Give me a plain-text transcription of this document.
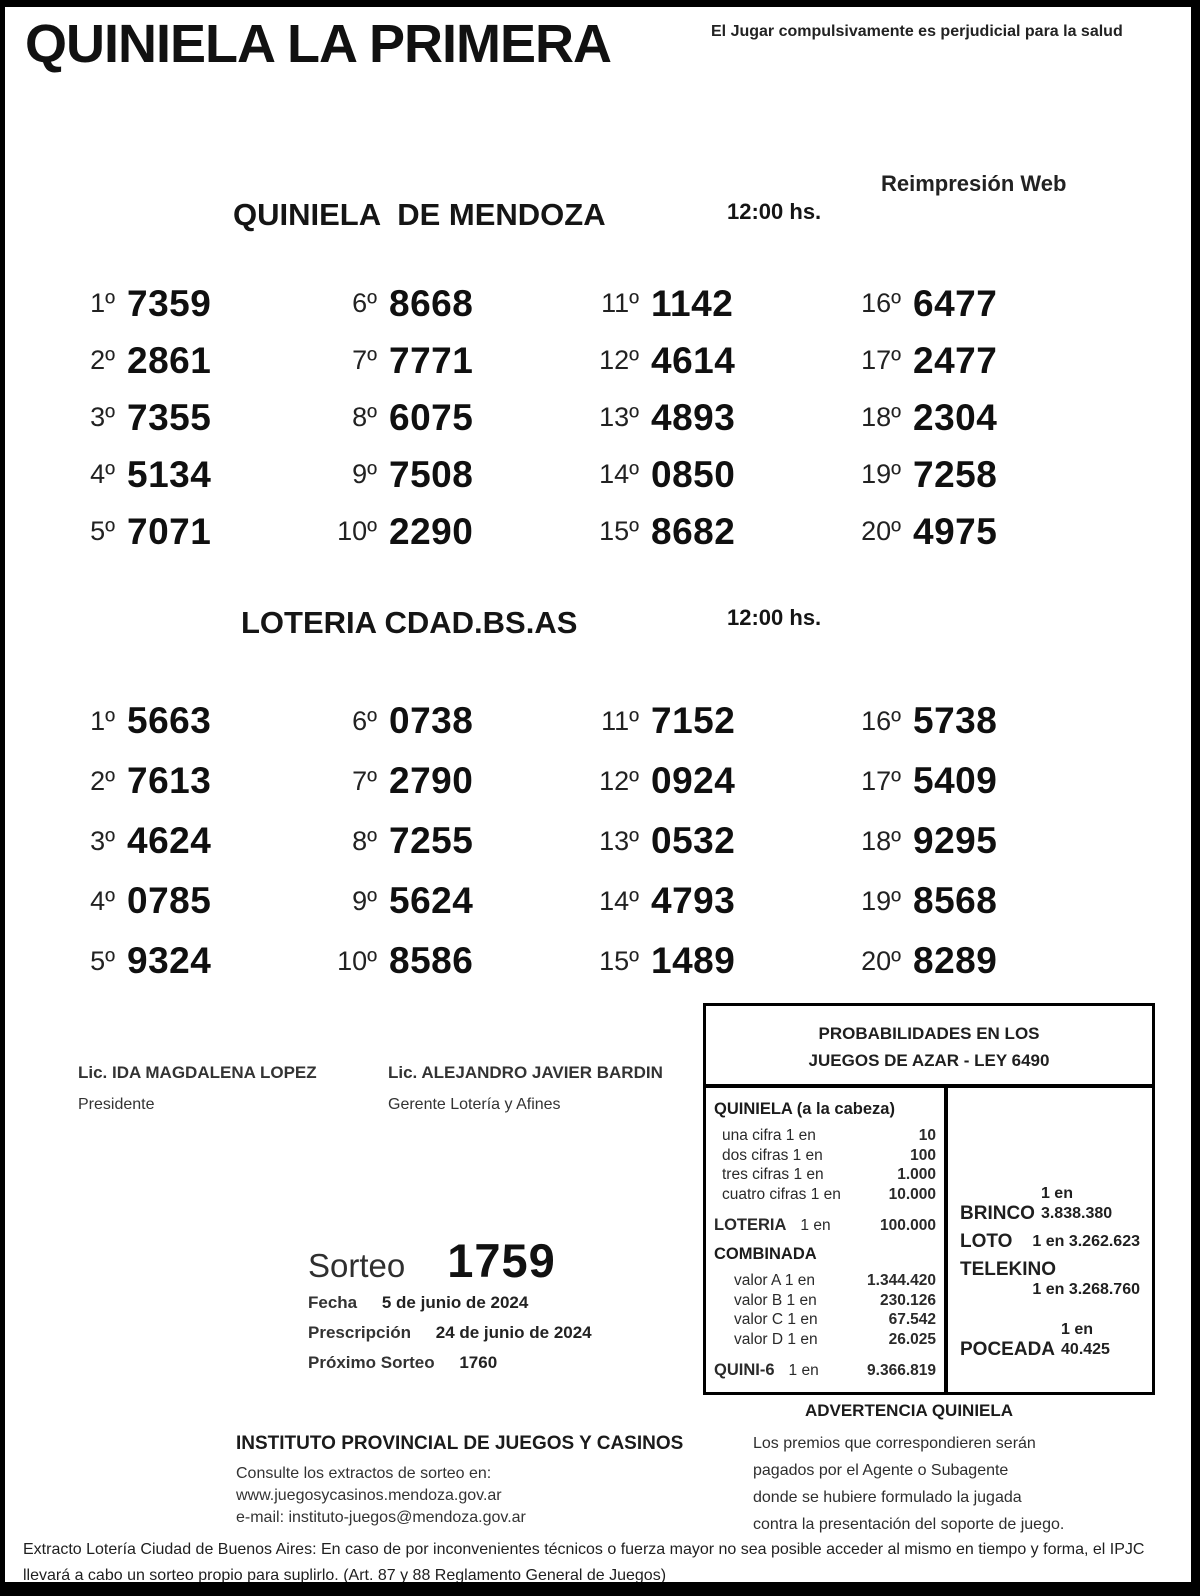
QUINIELA LA PRIMERA	El Jugar compulsivamente es perjudicial para la salud
Reimpresión Web
QUINIELA  DE MENDOZA	12:00 hs.
1º 7359
2º 2861
3º 7355
4º 5134
5º 7071
6º 8668
7º 7771
8º 6075
9º 7508
10º 2290
11º 1142
12º 4614
13º 4893
14º 0850
15º 8682
16º 6477
17º 2477
18º 2304
19º 7258
20º 4975
LOTERIA CDAD.BS.AS	12:00 hs.
1º 5663
2º 7613
3º 4624
4º 0785
5º 9324
6º 0738
7º 2790
8º 7255
9º 5624
10º 8586
11º 7152
12º 0924
13º 0532
14º 4793
15º 1489
16º 5738
17º 5409
18º 9295
19º 8568
20º 8289
Lic. IDA MAGDALENA LOPEZ
Presidente
Lic. ALEJANDRO JAVIER BARDIN
Gerente Lotería y Afines
PROBABILIDADES EN LOS
JUEGOS DE AZAR - LEY 6490
QUINIELA (a la cabeza)
una cifra 1 en	10
dos cifras 1 en	100
tres cifras 1 en	1.000
cuatro cifras 1 en	10.000
LOTERIA 1 en	100.000
COMBINADA
valor A 1 en	1.344.420
valor B 1 en	230.126
valor C 1 en	67.542
valor D 1 en	26.025
QUINI-6 1 en	9.366.819
BRINCO
1 en 3.838.380
LOTO 1 en 3.262.623
TELEKINO
1 en 3.268.760
POCEADA
1 en 40.425
Sorteo 1759
Fecha 5 de junio de 2024
Prescripción 24 de junio de 2024
Próximo Sorteo 1760
ADVERTENCIA QUINIELA
Los premios que correspondieren serán
pagados por el Agente o Subagente
donde se hubiere formulado la jugada
contra la presentación del soporte de juego.
INSTITUTO PROVINCIAL DE JUEGOS Y CASINOS
Consulte los extractos de sorteo en:
www.juegosycasinos.mendoza.gov.ar
e-mail: instituto-juegos@mendoza.gov.ar
Extracto Lotería Ciudad de Buenos Aires: En caso de por inconvenientes técnicos o fuerza mayor no sea posible acceder al mismo en tiempo y forma, el IPJC llevará a cabo un sorteo propio para suplirlo. (Art. 87 y 88 Reglamento General de Juegos)
